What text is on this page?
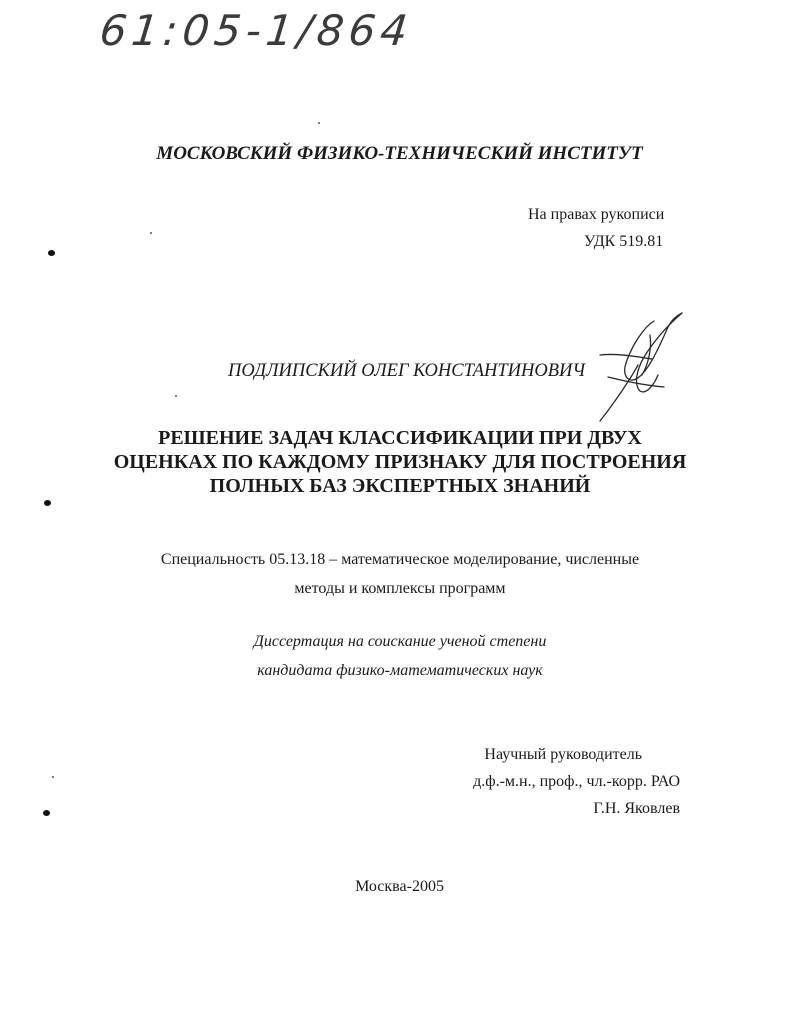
61:05-1/864
МОСКОВСКИЙ ФИЗИКО-ТЕХНИЧЕСКИЙ ИНСТИТУТ
На правах рукописи
УДК 519.81
ПОДЛИПСКИЙ ОЛЕГ КОНСТАНТИНОВИЧ
РЕШЕНИЕ ЗАДАЧ КЛАССИФИКАЦИИ ПРИ ДВУХ
ОЦЕНКАХ ПО КАЖДОМУ ПРИЗНАКУ ДЛЯ ПОСТРОЕНИЯ
ПОЛНЫХ БАЗ ЭКСПЕРТНЫХ ЗНАНИЙ
Специальность 05.13.18 – математическое моделирование, численные
методы и комплексы программ
Диссертация на соискание ученой степени
кандидата физико-математических наук
Научный руководитель
д.ф.-м.н., проф., чл.-корр. РАО
Г.Н. Яковлев
Москва-2005
